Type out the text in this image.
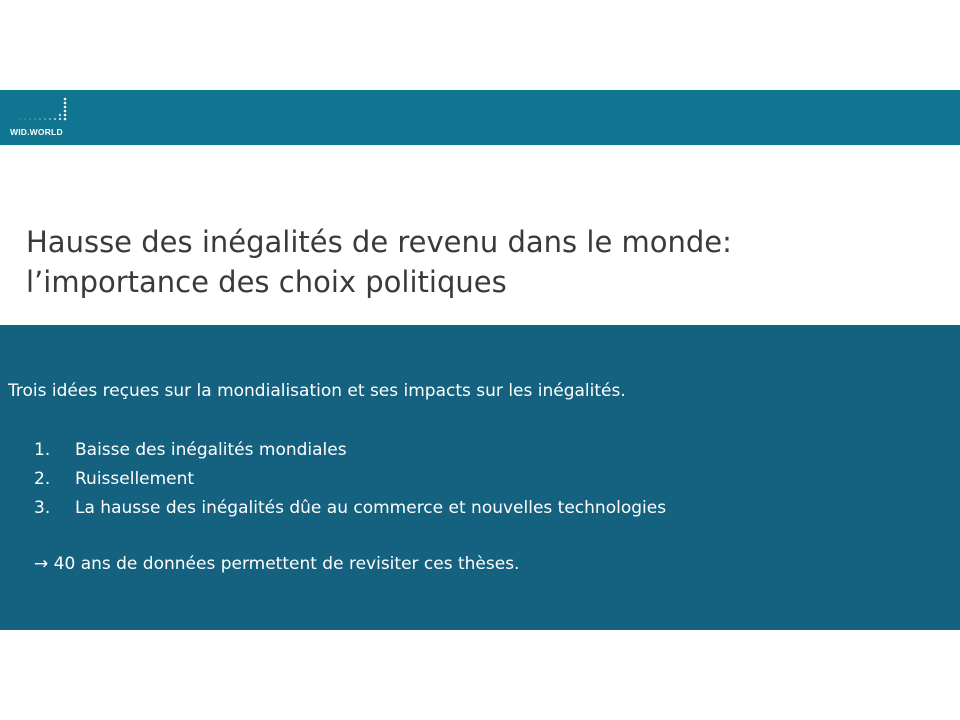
WID.WORLD
Hausse des inégalités de revenu dans le monde:
l’importance des choix politiques
Trois idées reçues sur la mondialisation et ses impacts sur les inégalités.
1. Baisse des inégalités mondiales
2. Ruissellement
3. La hausse des inégalités dûe au commerce et nouvelles technologies
→ 40 ans de données permettent de revisiter ces thèses.
